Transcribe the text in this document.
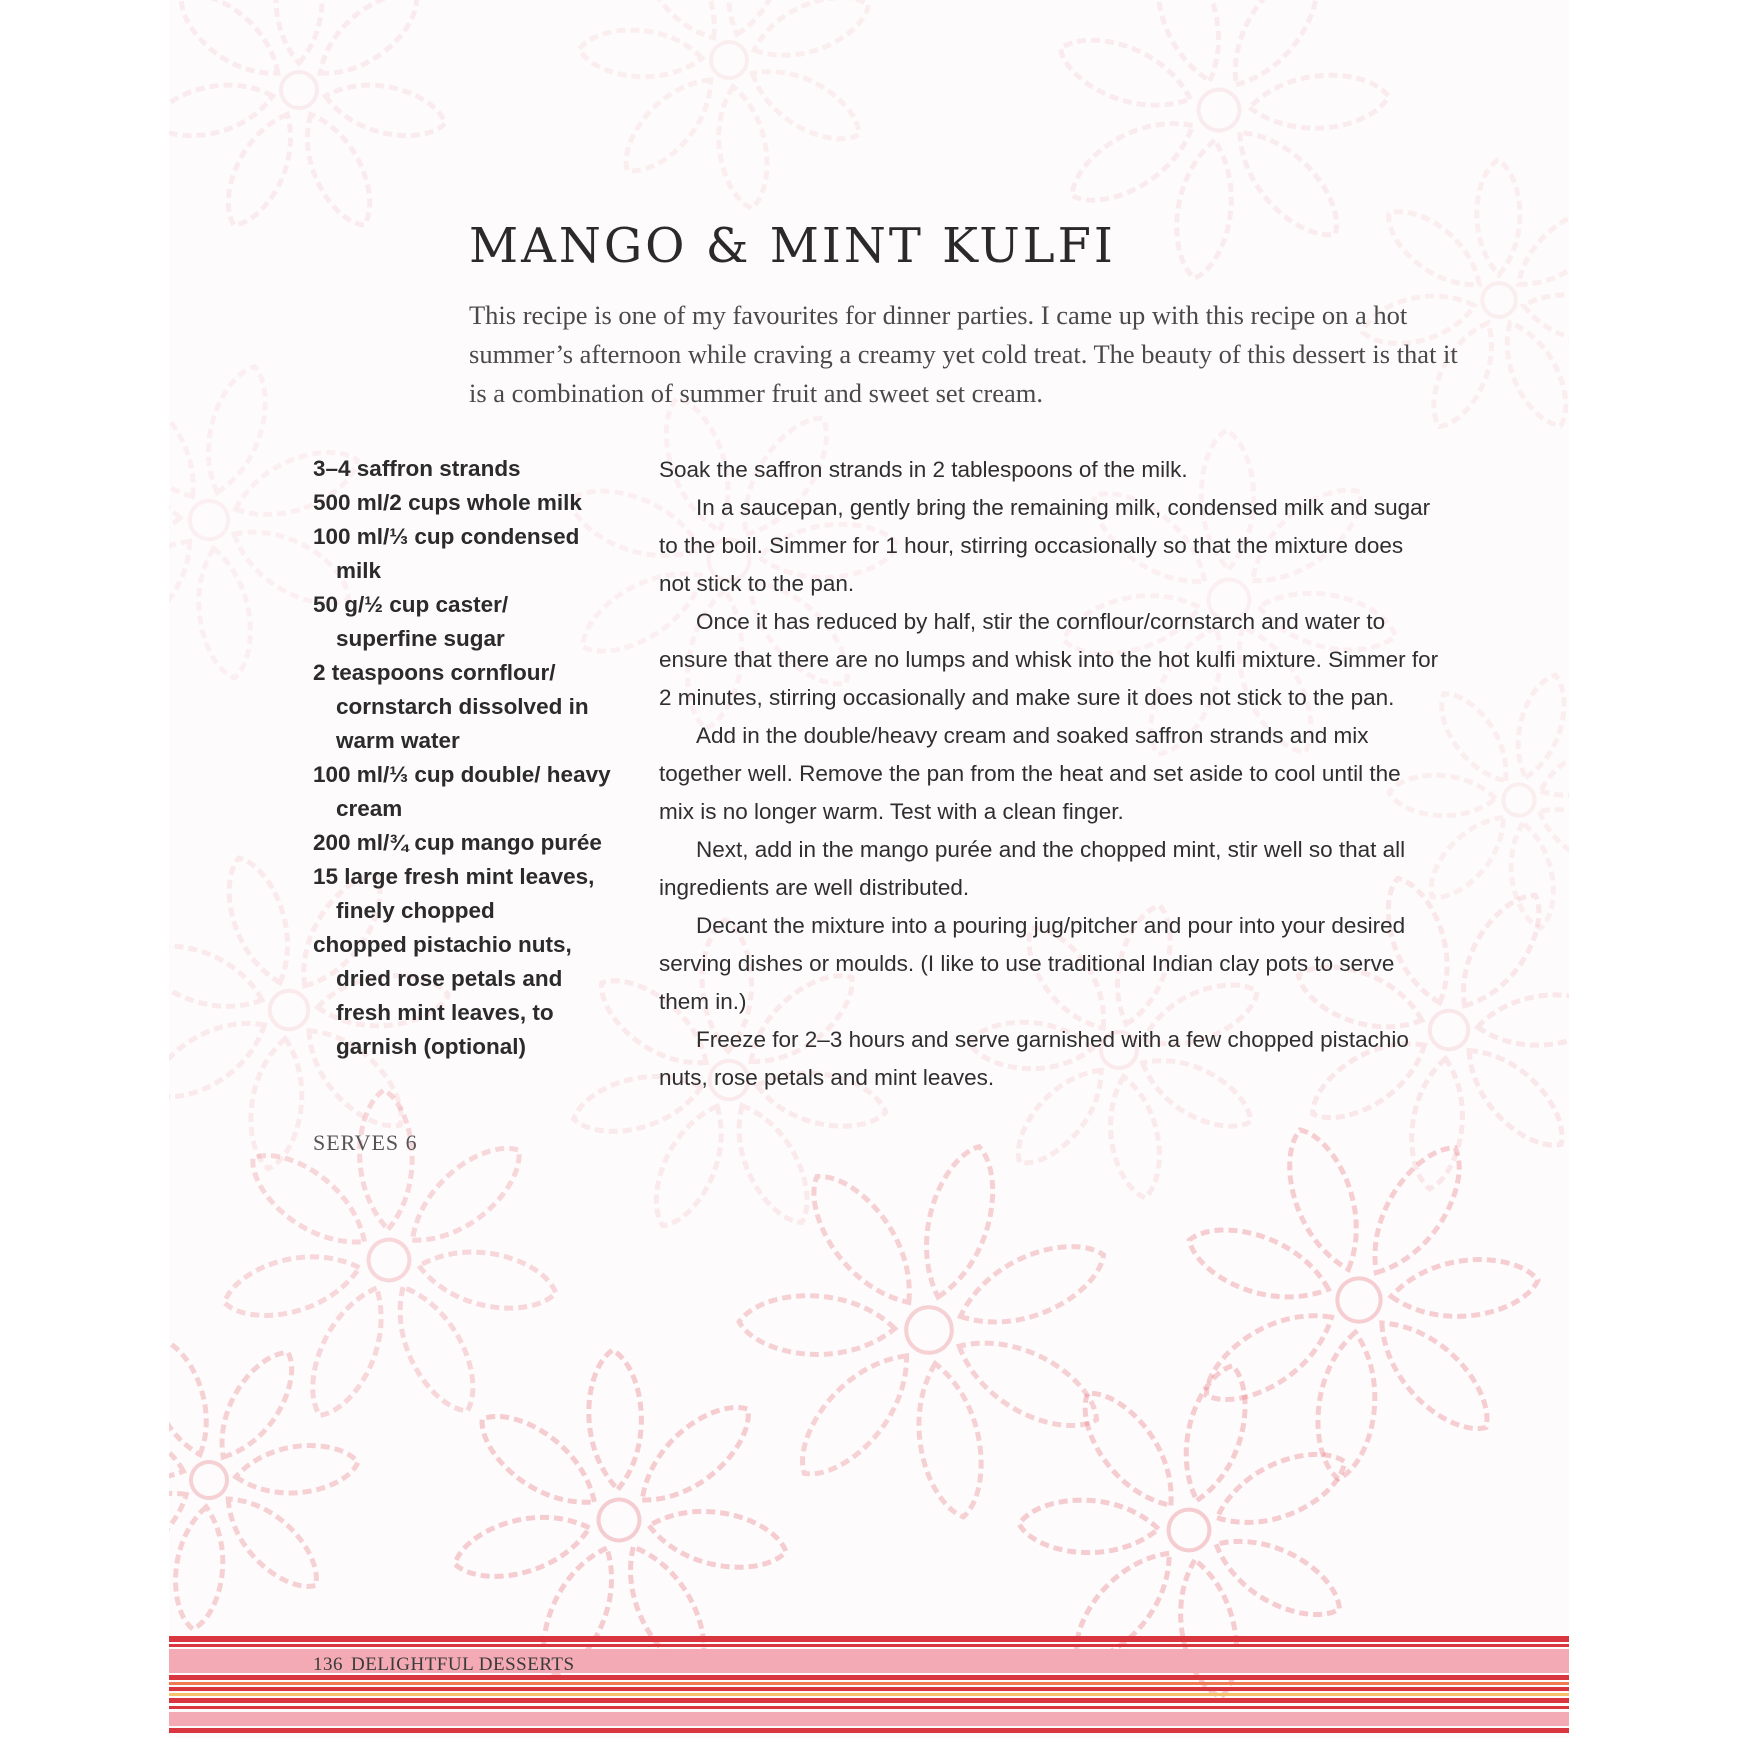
MANGO & MINT KULFI

This recipe is one of my favourites for dinner parties. I came up with this recipe on a hot summer’s afternoon while craving a creamy yet cold treat. The beauty of this dessert is that it is a combination of summer fruit and sweet set cream.

3–4 saffron strands
500 ml/2 cups whole milk
100 ml/⅓ cup condensed milk
50 g/½ cup caster/ superfine sugar
2 teaspoons cornflour/ cornstarch dissolved in warm water
100 ml/⅓ cup double/ heavy cream
200 ml/¾ cup mango purée
15 large fresh mint leaves, finely chopped
chopped pistachio nuts, dried rose petals and fresh mint leaves, to garnish (optional)

SERVES 6

Soak the saffron strands in 2 tablespoons of the milk.

In a saucepan, gently bring the remaining milk, condensed milk and sugar to the boil. Simmer for 1 hour, stirring occasionally so that the mixture does not stick to the pan.

Once it has reduced by half, stir the cornflour/cornstarch and water to ensure that there are no lumps and whisk into the hot kulfi mixture. Simmer for 2 minutes, stirring occasionally and make sure it does not stick to the pan.

Add in the double/heavy cream and soaked saffron strands and mix together well. Remove the pan from the heat and set aside to cool until the mix is no longer warm. Test with a clean finger.

Next, add in the mango purée and the chopped mint, stir well so that all ingredients are well distributed.

Decant the mixture into a pouring jug/pitcher and pour into your desired serving dishes or moulds. (I like to use traditional Indian clay pots to serve them in.)

Freeze for 2–3 hours and serve garnished with a few chopped pistachio nuts, rose petals and mint leaves.

136 DELIGHTFUL DESSERTS
